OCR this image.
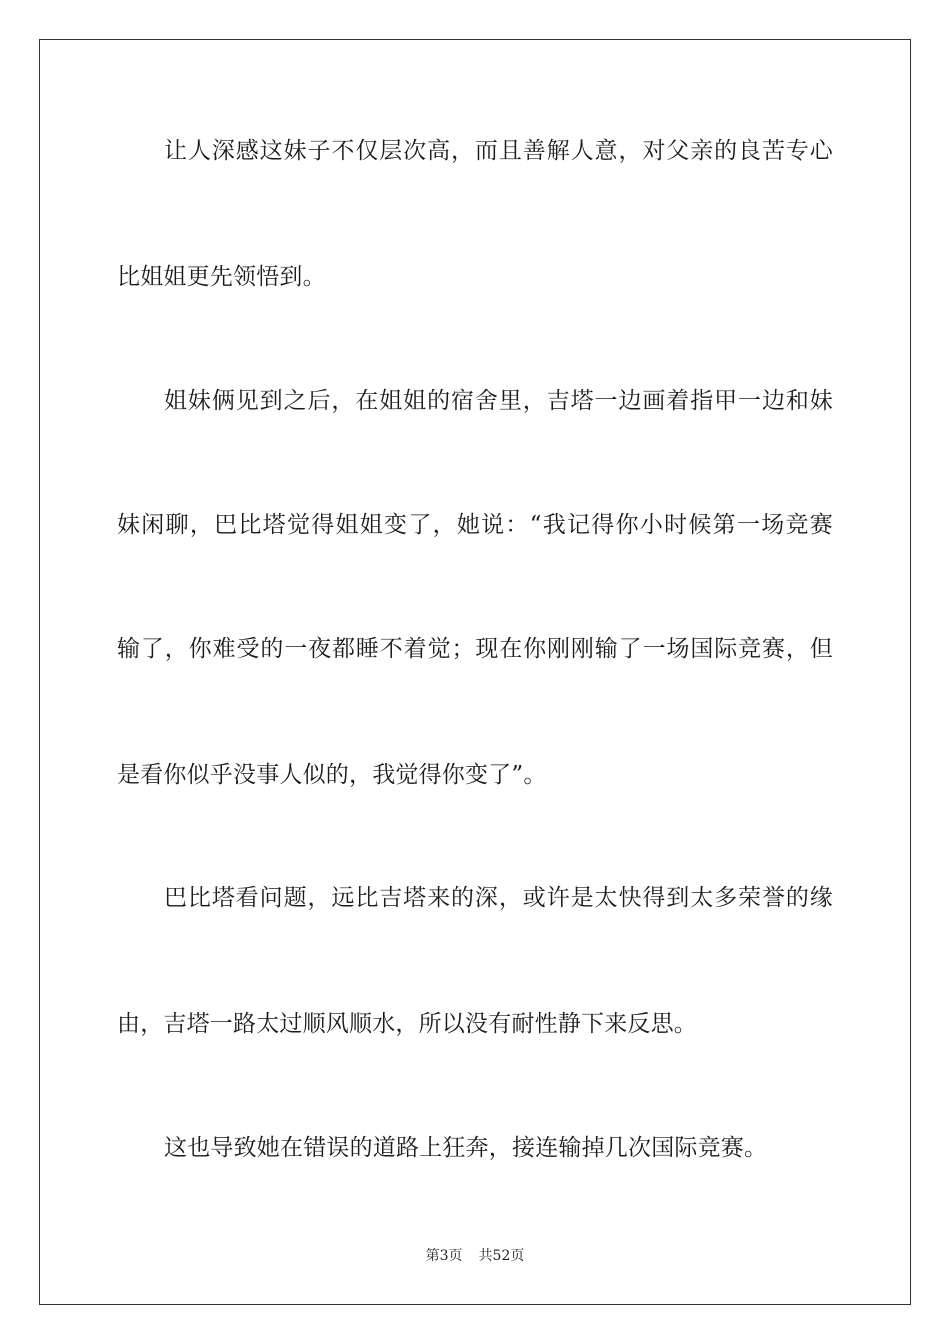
让人深感这妹子不仅层次高，而且善解人意，对父亲的良苦专心
比姐姐更先领悟到。
姐妹俩见到之后，在姐姐的宿舍里，吉塔一边画着指甲一边和妹
妹闲聊，巴比塔觉得姐姐变了，她说：“我记得你小时候第一场竞赛
输了，你难受的一夜都睡不着觉；现在你刚刚输了一场国际竞赛，但
是看你似乎没事人似的，我觉得你变了”。
巴比塔看问题，远比吉塔来的深，或许是太快得到太多荣誉的缘
由，吉塔一路太过顺风顺水，所以没有耐性静下来反思。
这也导致她在错误的道路上狂奔，接连输掉几次国际竞赛。
第3页 共52页
